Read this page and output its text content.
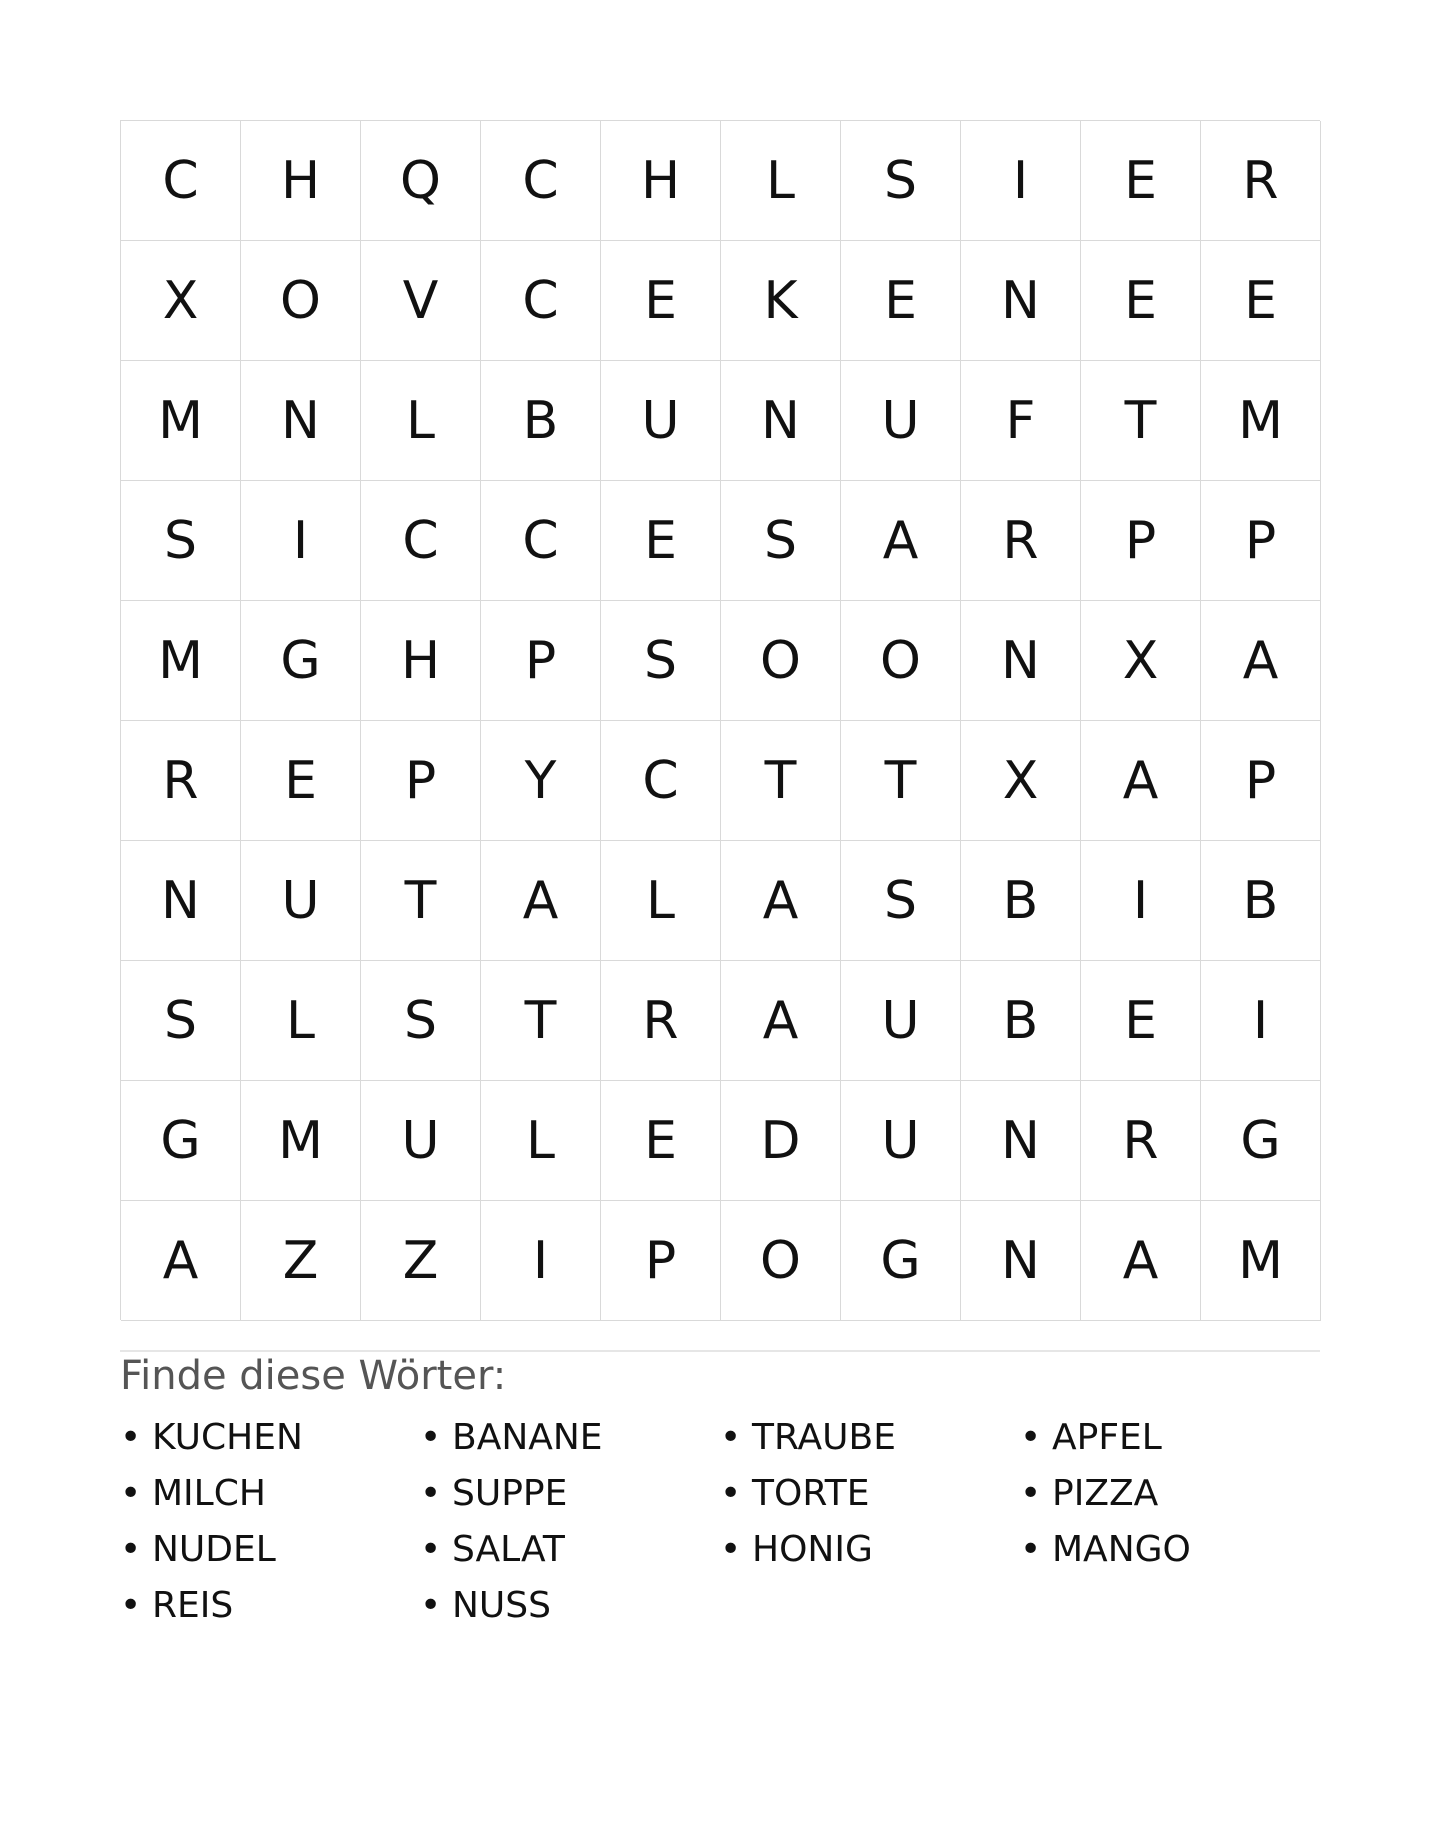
C	H	Q	C	H	L	S	I	E	R
X	O	V	C	E	K	E	N	E	E
M	N	L	B	U	N	U	F	T	M
S	I	C	C	E	S	A	R	P	P
M	G	H	P	S	O	O	N	X	A
R	E	P	Y	C	T	T	X	A	P
N	U	T	A	L	A	S	B	I	B
S	L	S	T	R	A	U	B	E	I
G	M	U	L	E	D	U	N	R	G
A	Z	Z	I	P	O	G	N	A	M
Finde diese Wörter:
• KUCHEN	• BANANE	• TRAUBE	• APFEL
• MILCH	• SUPPE	• TORTE	• PIZZA
• NUDEL	• SALAT	• HONIG	• MANGO
• REIS	• NUSS
